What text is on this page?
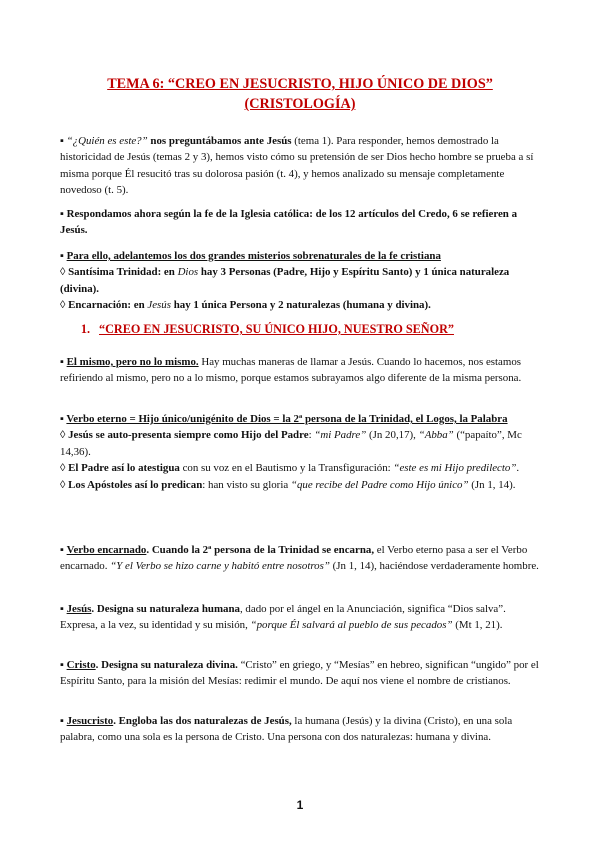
TEMA 6: “CREO EN JESUCRISTO, HIJO ÚNICO DE DIOS”
(CRISTOLOGÍA)
▪ “¿Quién es este?” nos preguntábamos ante Jesús (tema 1). Para responder, hemos demostrado la historicidad de Jesús (temas 2 y 3), hemos visto cómo su pretensión de ser Dios hecho hombre se prueba a sí misma porque Él resucitó tras su dolorosa pasión (t. 4), y hemos analizado su mensaje completamente novedoso (t. 5).
▪ Respondamos ahora según la fe de la Iglesia católica: de los 12 artículos del Credo, 6 se refieren a Jesús.
▪ Para ello, adelantemos los dos grandes misterios sobrenaturales de la fe cristiana
◊ Santísima Trinidad: en Dios hay 3 Personas (Padre, Hijo y Espíritu Santo) y 1 única naturaleza (divina).
◊ Encarnación: en Jesús hay 1 única Persona y 2 naturalezas (humana y divina).
1. “CREO EN JESUCRISTO, SU ÚNICO HIJO, NUESTRO SEÑOR”
▪ El mismo, pero no lo mismo. Hay muchas maneras de llamar a Jesús. Cuando lo hacemos, nos estamos refiriendo al mismo, pero no a lo mismo, porque estamos subrayamos algo diferente de la misma persona.
▪ Verbo eterno = Hijo único/unigénito de Dios = la 2ª persona de la Trinidad, el Logos, la Palabra
◊ Jesús se auto-presenta siempre como Hijo del Padre: “mi Padre” (Jn 20,17), “Abba” (“papaíto”, Mc 14,36).
◊ El Padre así lo atestigua con su voz en el Bautismo y la Transfiguración: “este es mi Hijo predilecto”.
◊ Los Apóstoles así lo predican: han visto su gloria “que recibe del Padre como Hijo único” (Jn 1, 14).
▪ Verbo encarnado. Cuando la 2ª persona de la Trinidad se encarna, el Verbo eterno pasa a ser el Verbo encarnado. “Y el Verbo se hizo carne y habitó entre nosotros” (Jn 1, 14), haciéndose verdaderamente hombre.
▪ Jesús. Designa su naturaleza humana, dado por el ángel en la Anunciación, significa “Dios salva”. Expresa, a la vez, su identidad y su misión, “porque Él salvará al pueblo de sus pecados” (Mt 1, 21).
▪ Cristo. Designa su naturaleza divina. “Cristo” en griego, y “Mesías” en hebreo, significan “ungido” por el Espíritu Santo, para la misión del Mesías: redimir el mundo. De aquí nos viene el nombre de cristianos.
▪ Jesucristo. Engloba las dos naturalezas de Jesús, la humana (Jesús) y la divina (Cristo), en una sola palabra, como una sola es la persona de Cristo. Una persona con dos naturalezas: humana y divina.
1
